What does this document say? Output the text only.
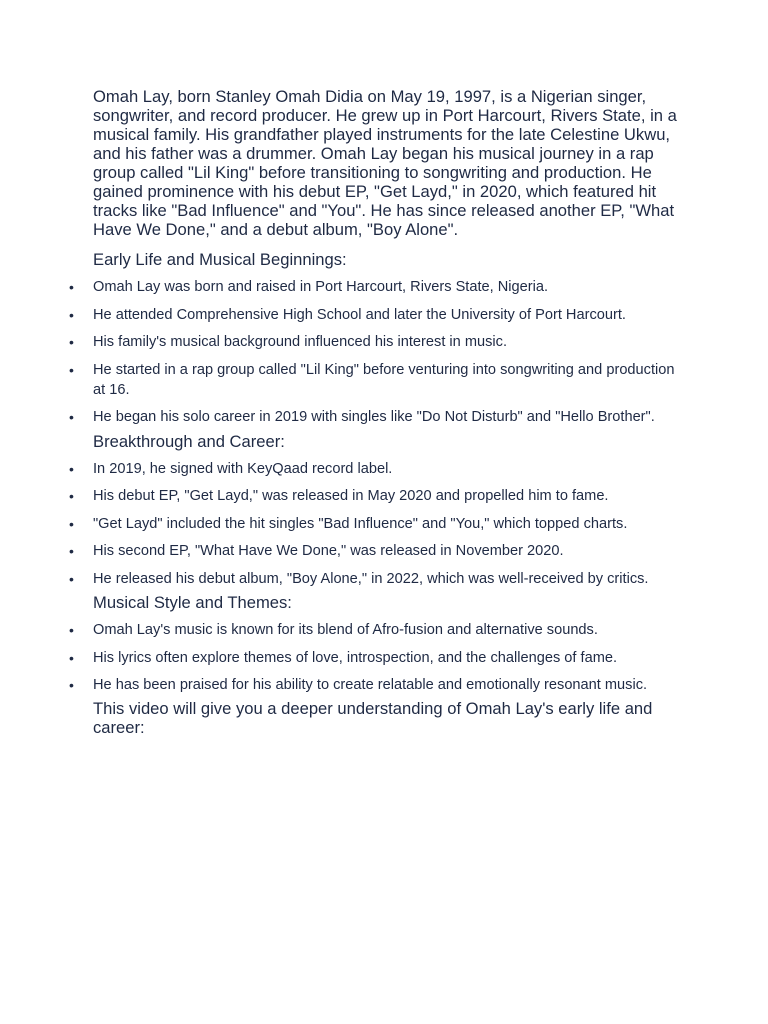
Omah Lay, born Stanley Omah Didia on May 19, 1997, is a Nigerian singer, songwriter, and record producer. He grew up in Port Harcourt, Rivers State, in a musical family. His grandfather played instruments for the late Celestine Ukwu, and his father was a drummer. Omah Lay began his musical journey in a rap group called "Lil King" before transitioning to songwriting and production. He gained prominence with his debut EP, "Get Layd," in 2020, which featured hit tracks like "Bad Influence" and "You". He has since released another EP, "What Have We Done," and a debut album, "Boy Alone".

Early Life and Musical Beginnings:
• Omah Lay was born and raised in Port Harcourt, Rivers State, Nigeria.
• He attended Comprehensive High School and later the University of Port Harcourt.
• His family's musical background influenced his interest in music.
• He started in a rap group called "Lil King" before venturing into songwriting and production at 16.
• He began his solo career in 2019 with singles like "Do Not Disturb" and "Hello Brother".
Breakthrough and Career:
• In 2019, he signed with KeyQaad record label.
• His debut EP, "Get Layd," was released in May 2020 and propelled him to fame.
• "Get Layd" included the hit singles "Bad Influence" and "You," which topped charts.
• His second EP, "What Have We Done," was released in November 2020.
• He released his debut album, "Boy Alone," in 2022, which was well-received by critics.
Musical Style and Themes:
• Omah Lay's music is known for its blend of Afro-fusion and alternative sounds.
• His lyrics often explore themes of love, introspection, and the challenges of fame.
• He has been praised for his ability to create relatable and emotionally resonant music.

This video will give you a deeper understanding of Omah Lay's early life and career:
